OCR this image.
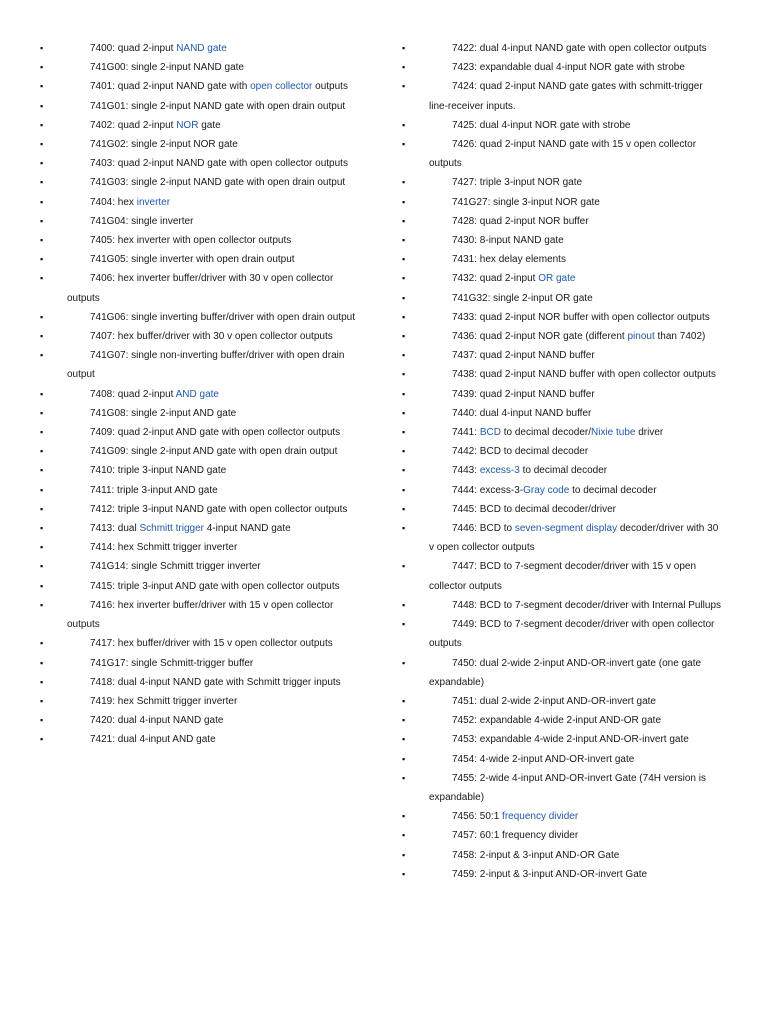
▪	7400: quad 2-input NAND gate
▪	741G00: single 2-input NAND gate
▪	7401: quad 2-input NAND gate with open collector outputs
▪	741G01: single 2-input NAND gate with open drain output
▪	7402: quad 2-input NOR gate
▪	741G02: single 2-input NOR gate
▪	7403: quad 2-input NAND gate with open collector outputs
▪	741G03: single 2-input NAND gate with open drain output
▪	7404: hex inverter
▪	741G04: single inverter
▪	7405: hex inverter with open collector outputs
▪	741G05: single inverter with open drain output
▪	7406: hex inverter buffer/driver with 30 v open collector outputs
▪	741G06: single inverting buffer/driver with open drain output
▪	7407: hex buffer/driver with 30 v open collector outputs
▪	741G07: single non-inverting buffer/driver with open drain output
▪	7408: quad 2-input AND gate
▪	741G08: single 2-input AND gate
▪	7409: quad 2-input AND gate with open collector outputs
▪	741G09: single 2-input AND gate with open drain output
▪	7410: triple 3-input NAND gate
▪	7411: triple 3-input AND gate
▪	7412: triple 3-input NAND gate with open collector outputs
▪	7413: dual Schmitt trigger 4-input NAND gate
▪	7414: hex Schmitt trigger inverter
▪	741G14: single Schmitt trigger inverter
▪	7415: triple 3-input AND gate with open collector outputs
▪	7416: hex inverter buffer/driver with 15 v open collector outputs
▪	7417: hex buffer/driver with 15 v open collector outputs
▪	741G17: single Schmitt-trigger buffer
▪	7418: dual 4-input NAND gate with Schmitt trigger inputs
▪	7419: hex Schmitt trigger inverter
▪	7420: dual 4-input NAND gate
▪	7421: dual 4-input AND gate
▪	7422: dual 4-input NAND gate with open collector outputs
▪	7423: expandable dual 4-input NOR gate with strobe
▪	7424: quad 2-input NAND gate gates with schmitt-trigger line-receiver inputs.
▪	7425: dual 4-input NOR gate with strobe
▪	7426: quad 2-input NAND gate with 15 v open collector outputs
▪	7427: triple 3-input NOR gate
▪	741G27: single 3-input NOR gate
▪	7428: quad 2-input NOR buffer
▪	7430: 8-input NAND gate
▪	7431: hex delay elements
▪	7432: quad 2-input OR gate
▪	741G32: single 2-input OR gate
▪	7433: quad 2-input NOR buffer with open collector outputs
▪	7436: quad 2-input NOR gate (different pinout than 7402)
▪	7437: quad 2-input NAND buffer
▪	7438: quad 2-input NAND buffer with open collector outputs
▪	7439: quad 2-input NAND buffer
▪	7440: dual 4-input NAND buffer
▪	7441: BCD to decimal decoder/Nixie tube driver
▪	7442: BCD to decimal decoder
▪	7443: excess-3 to decimal decoder
▪	7444: excess-3-Gray code to decimal decoder
▪	7445: BCD to decimal decoder/driver
▪	7446: BCD to seven-segment display decoder/driver with 30 v open collector outputs
▪	7447: BCD to 7-segment decoder/driver with 15 v open collector outputs
▪	7448: BCD to 7-segment decoder/driver with Internal Pullups
▪	7449: BCD to 7-segment decoder/driver with open collector outputs
▪	7450: dual 2-wide 2-input AND-OR-invert gate (one gate expandable)
▪	7451: dual 2-wide 2-input AND-OR-invert gate
▪	7452: expandable 4-wide 2-input AND-OR gate
▪	7453: expandable 4-wide 2-input AND-OR-invert gate
▪	7454: 4-wide 2-input AND-OR-invert gate
▪	7455: 2-wide 4-input AND-OR-invert Gate (74H version is expandable)
▪	7456: 50:1 frequency divider
▪	7457: 60:1 frequency divider
▪	7458: 2-input & 3-input AND-OR Gate
▪	7459: 2-input & 3-input AND-OR-invert Gate
